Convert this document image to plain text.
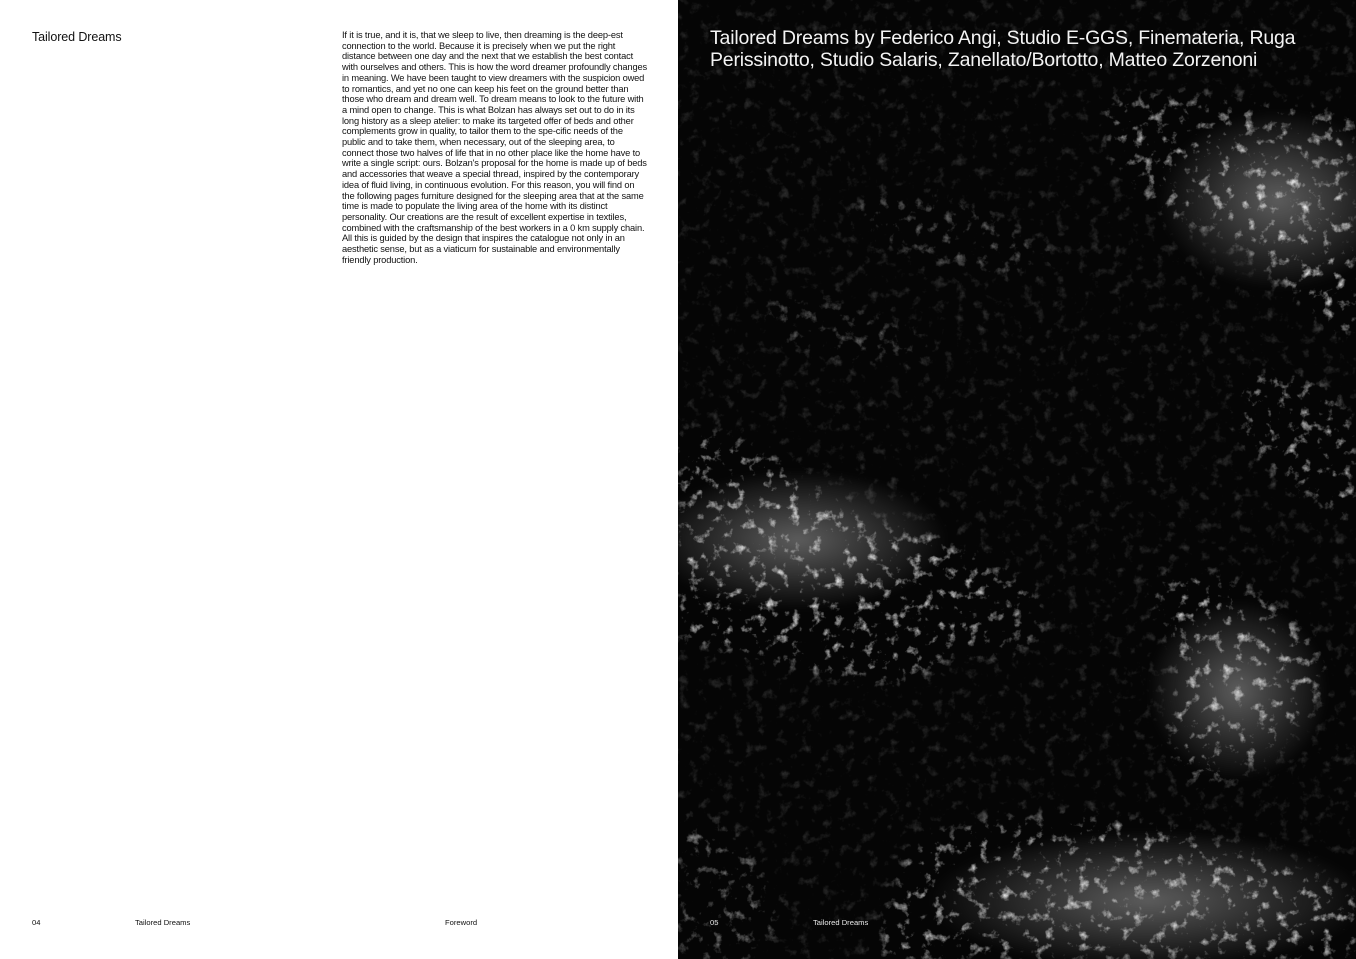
Tailored Dreams	If it is true, and it is, that we sleep to live, then dreaming is the deep-est connection to the world. Because it is precisely when we put the right distance between one day and the next that we establish the best contact with ourselves and others. This is how the word dreamer profoundly changes in meaning. We have been taught to view dreamers with the suspicion owed to romantics, and yet no one can keep his feet on the ground better than those who dream and dream well. To dream means to look to the future with a mind open to change. This is what Bolzan has always set out to do in its long history as a sleep atelier: to make its targeted offer of beds and other complements grow in quality, to tailor them to the spe-cific needs of the public and to take them, when necessary, out of the sleeping area, to connect those two halves of life that in no other place like the home have to write a single script: ours. Bolzan's proposal for the home is made up of beds and accessories that weave a special thread, inspired by the contemporary idea of fluid living, in continuous evolution. For this reason, you will find on the following pages furniture designed for the sleeping area that at the same time is made to populate the living area of the home with its distinct personality. Our creations are the result of excellent expertise in textiles, combined with the craftsmanship of the best workers in a 0 km supply chain. All this is guided by the design that inspires the catalogue not only in an aesthetic sense, but as a viaticum for sustainable and environmentally friendly production.

04	Tailored Dreams	Foreword
Tailored Dreams by Federico Angi, Studio E-GGS, Finemateria, Ruga Perissinotto, Studio Salaris, Zanellato/Bortotto, Matteo Zorzenoni
05	Tailored Dreams
